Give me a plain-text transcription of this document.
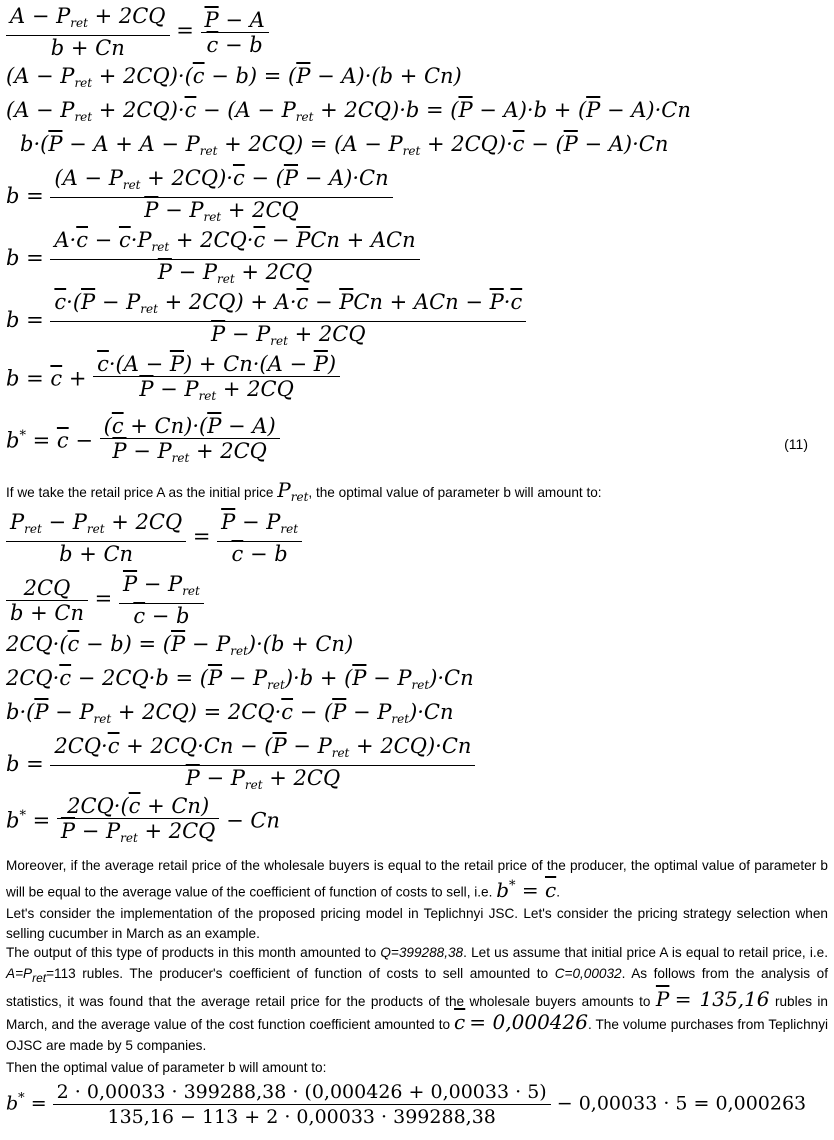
$\frac{A - P_{ret} + 2CQ}{b + Cn} = \frac{\overline{P} - A}{\overline{c} - b}$
$(A - P_{ret} + 2CQ)\cdot(\overline{c} - b) = (\overline{P} - A)\cdot(b + Cn)$
$(A - P_{ret} + 2CQ)\cdot\overline{c} - (A - P_{ret} + 2CQ)\cdot b = (\overline{P} - A)\cdot b + (\overline{P} - A)\cdot Cn$
$b\cdot(\overline{P} - A + A - P_{ret} + 2CQ) = (A - P_{ret} + 2CQ)\cdot\overline{c} - (\overline{P} - A)\cdot Cn$
$b = \frac{(A - P_{ret} + 2CQ)\cdot\overline{c} - (\overline{P} - A)\cdot Cn}{\overline{P} - P_{ret} + 2CQ}$
$b = \frac{A\cdot\overline{c} - \overline{c}\cdot P_{ret} + 2CQ\cdot\overline{c} - \overline{P}Cn + ACn}{\overline{P} - P_{ret} + 2CQ}$
$b = \frac{\overline{c}\cdot(\overline{P} - P_{ret} + 2CQ) + A\cdot\overline{c} - \overline{P}Cn + ACn - \overline{P}\cdot\overline{c}}{\overline{P} - P_{ret} + 2CQ}$
$b = \overline{c} + \frac{\overline{c}\cdot(A - \overline{P}) + Cn\cdot(A - \overline{P})}{\overline{P} - P_{ret} + 2CQ}$
$b^* = \overline{c} - \frac{(\overline{c} + Cn)\cdot(\overline{P} - A)}{\overline{P} - P_{ret} + 2CQ}$	(11)
If we take the retail price A as the initial price $P_{ret}$, the optimal value of parameter b will amount to:
$\frac{P_{ret} - P_{ret} + 2CQ}{b + Cn} = \frac{\overline{P} - P_{ret}}{\overline{c} - b}$
$\frac{2CQ}{b + Cn} = \frac{\overline{P} - P_{ret}}{\overline{c} - b}$
$2CQ\cdot(\overline{c} - b) = (\overline{P} - P_{ret})\cdot(b + Cn)$
$2CQ\cdot\overline{c} - 2CQ\cdot b = (\overline{P} - P_{ret})\cdot b + (\overline{P} - P_{ret})\cdot Cn$
$b\cdot(\overline{P} - P_{ret} + 2CQ) = 2CQ\cdot\overline{c} - (\overline{P} - P_{ret})\cdot Cn$
$b = \frac{2CQ\cdot\overline{c} + 2CQ\cdot Cn - (\overline{P} - P_{ret} + 2CQ)\cdot Cn}{\overline{P} - P_{ret} + 2CQ}$
$b^* = \frac{2CQ\cdot(\overline{c} + Cn)}{\overline{P} - P_{ret} + 2CQ} - Cn$
Moreover, if the average retail price of the wholesale buyers is equal to the retail price of the producer, the optimal value of parameter b will be equal to the average value of the coefficient of function of costs to sell, i.e. $b^* = \overline{c}$.
Let's consider the implementation of the proposed pricing model in Teplichnyi JSC. Let's consider the pricing strategy selection when selling cucumber in March as an example.
The output of this type of products in this month amounted to Q=399288,38. Let us assume that initial price A is equal to retail price, i.e. $A=P_{ret}=113$ rubles. The producer's coefficient of function of costs to sell amounted to C=0,00032. As follows from the analysis of statistics, it was found that the average retail price for the products of the wholesale buyers amounts to $\overline{P} = 135,16$ rubles in March, and the average value of the cost function coefficient amounted to $\overline{c} = 0,000426$. The volume purchases from Teplichnyi OJSC are made by 5 companies.
Then the optimal value of parameter b will amount to:
$b^* = \frac{2 \cdot 0,00033 \cdot 399288,38 \cdot (0,000426 + 0,00033 \cdot 5)}{135,16 - 113 + 2 \cdot 0,00033 \cdot 399288,38} - 0,00033 \cdot 5 = 0,000263$
